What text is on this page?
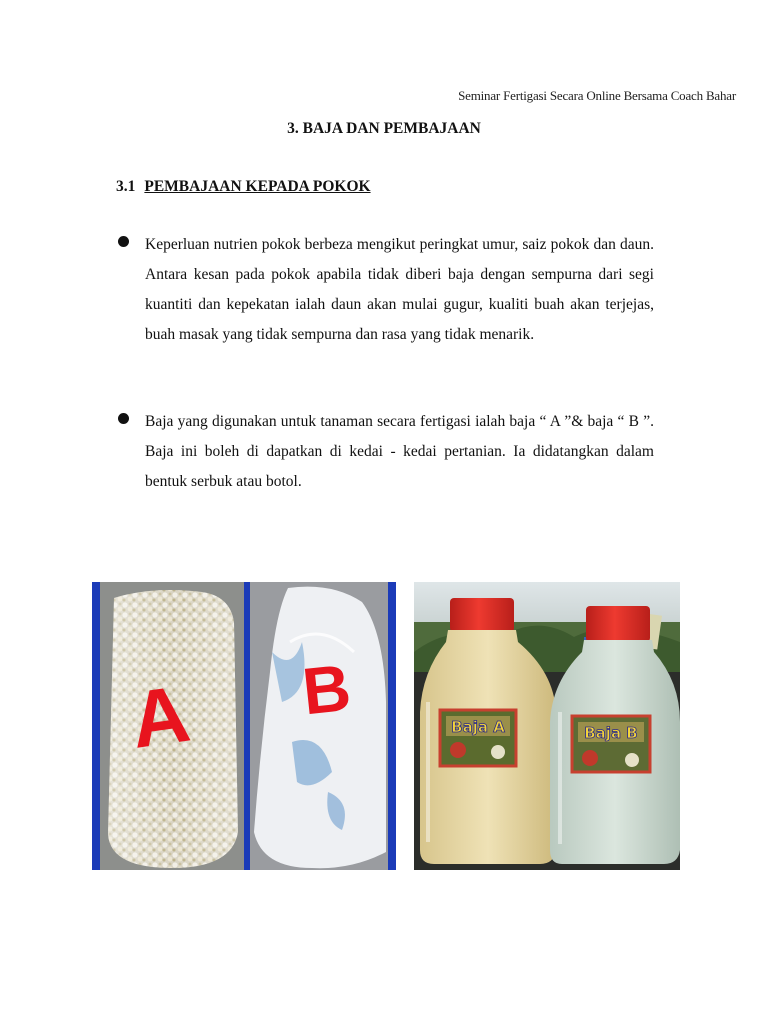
Seminar Fertigasi Secara Online Bersama Coach Bahar
3. BAJA DAN PEMBAJAAN
3.1 PEMBAJAAN KEPADA POKOK

Keperluan nutrien pokok berbeza mengikut peringkat umur, saiz pokok dan daun. Antara kesan pada pokok apabila tidak diberi baja dengan sempurna dari segi kuantiti dan kepekatan ialah daun akan mulai gugur, kualiti buah akan terjejas, buah masak yang tidak sempurna dan rasa yang tidak menarik.

Baja yang digunakan untuk tanaman secara fertigasi ialah baja “ A ”& baja “ B ”. Baja ini boleh di dapatkan di kedai - kedai pertanian. Ia didatangkan dalam bentuk serbuk atau botol.

A B	Baja A	Baja B
